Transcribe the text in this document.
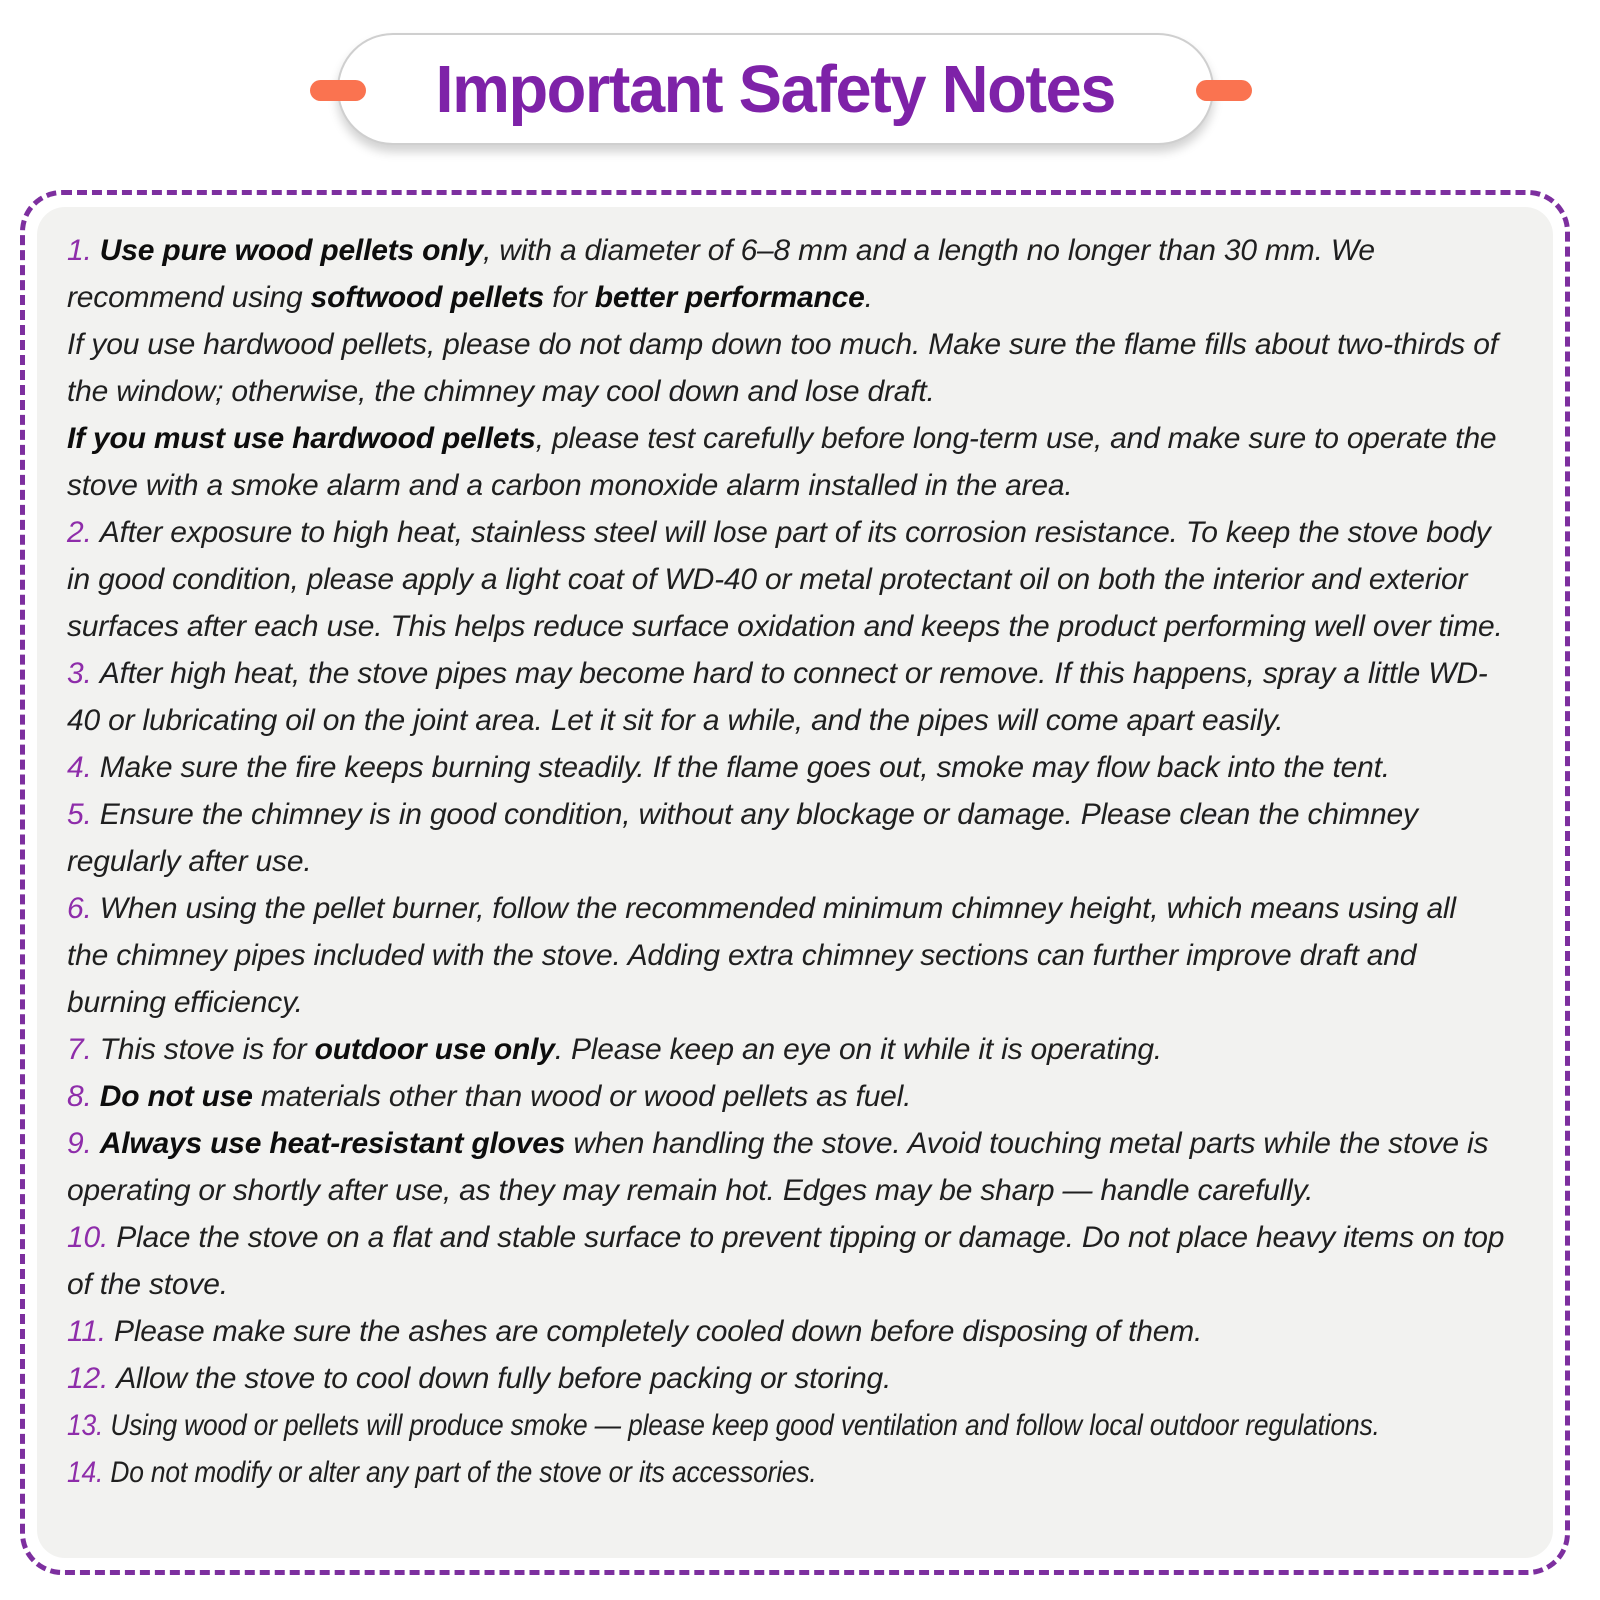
Important Safety Notes

1. Use pure wood pellets only, with a diameter of 6–8 mm and a length no longer than 30 mm. We recommend using softwood pellets for better performance.

If you use hardwood pellets, please do not damp down too much. Make sure the flame fills about two-thirds of the window; otherwise, the chimney may cool down and lose draft.

If you must use hardwood pellets, please test carefully before long-term use, and make sure to operate the stove with a smoke alarm and a carbon monoxide alarm installed in the area.

2. After exposure to high heat, stainless steel will lose part of its corrosion resistance. To keep the stove body in good condition, please apply a light coat of WD-40 or metal protectant oil on both the interior and exterior surfaces after each use. This helps reduce surface oxidation and keeps the product performing well over time.

3. After high heat, the stove pipes may become hard to connect or remove. If this happens, spray a little WD-40 or lubricating oil on the joint area. Let it sit for a while, and the pipes will come apart easily.

4. Make sure the fire keeps burning steadily. If the flame goes out, smoke may flow back into the tent.

5. Ensure the chimney is in good condition, without any blockage or damage. Please clean the chimney regularly after use.

6. When using the pellet burner, follow the recommended minimum chimney height, which means using all the chimney pipes included with the stove. Adding extra chimney sections can further improve draft and burning efficiency.

7. This stove is for outdoor use only. Please keep an eye on it while it is operating.

8. Do not use materials other than wood or wood pellets as fuel.

9. Always use heat-resistant gloves when handling the stove. Avoid touching metal parts while the stove is operating or shortly after use, as they may remain hot. Edges may be sharp — handle carefully.

10. Place the stove on a flat and stable surface to prevent tipping or damage. Do not place heavy items on top of the stove.

11. Please make sure the ashes are completely cooled down before disposing of them.

12. Allow the stove to cool down fully before packing or storing.

13. Using wood or pellets will produce smoke — please keep good ventilation and follow local outdoor regulations.

14. Do not modify or alter any part of the stove or its accessories.
